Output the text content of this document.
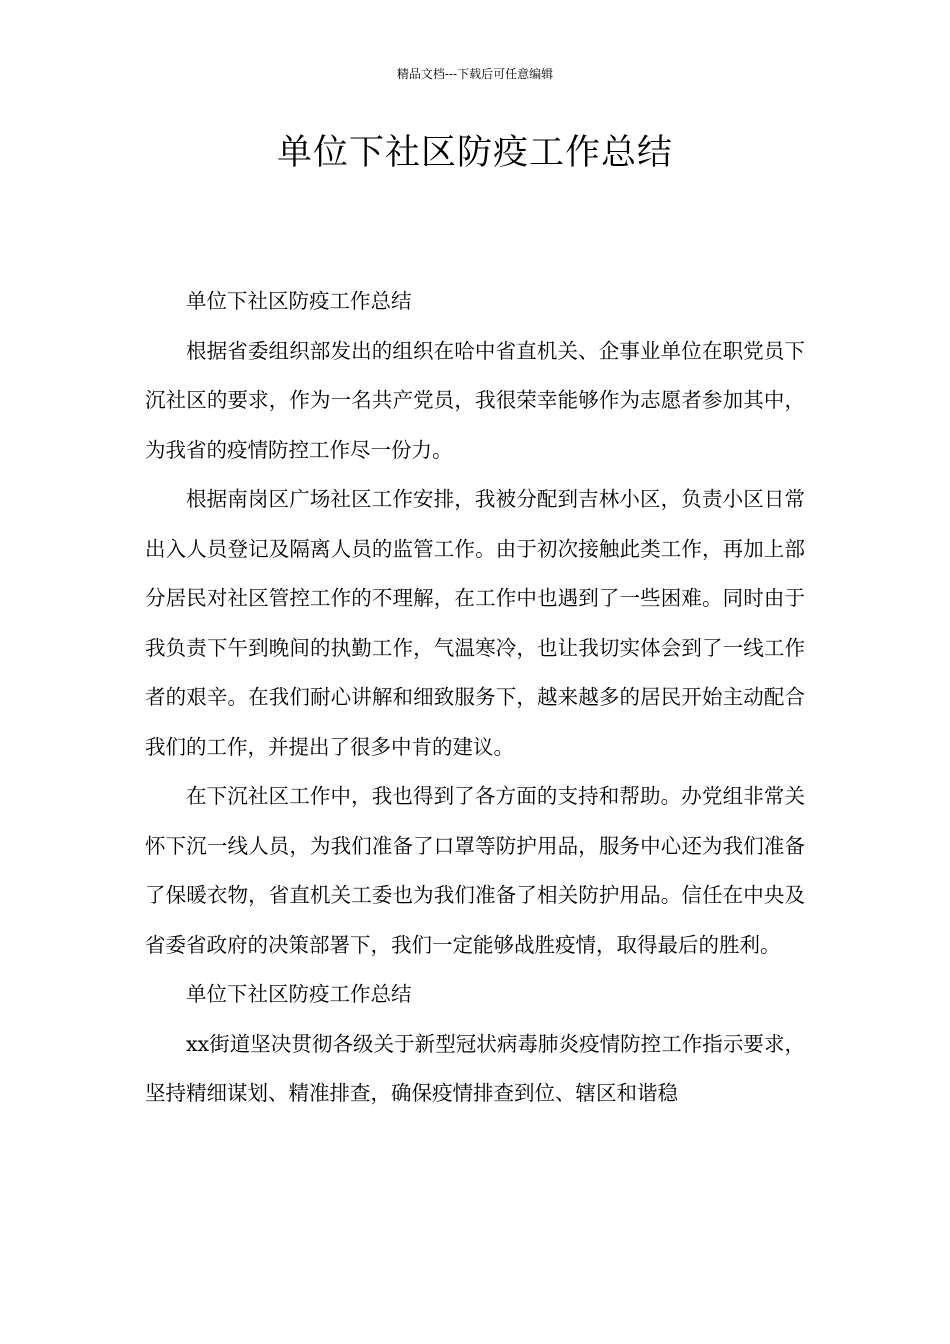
精品文档---下载后可任意编辑
单位下社区防疫工作总结

单位下社区防疫工作总结

根据省委组织部发出的组织在哈中省直机关、企事业单位在职党员下沉社区的要求，作为一名共产党员，我很荣幸能够作为志愿者参加其中，为我省的疫情防控工作尽一份力。

根据南岗区广场社区工作安排，我被分配到吉林小区，负责小区日常出入人员登记及隔离人员的监管工作。由于初次接触此类工作，再加上部分居民对社区管控工作的不理解，在工作中也遇到了一些困难。同时由于我负责下午到晚间的执勤工作，气温寒冷，也让我切实体会到了一线工作者的艰辛。在我们耐心讲解和细致服务下，越来越多的居民开始主动配合我们的工作，并提出了很多中肯的建议。

在下沉社区工作中，我也得到了各方面的支持和帮助。办党组非常关怀下沉一线人员，为我们准备了口罩等防护用品，服务中心还为我们准备了保暖衣物，省直机关工委也为我们准备了相关防护用品。信任在中央及省委省政府的决策部署下，我们一定能够战胜疫情，取得最后的胜利。

单位下社区防疫工作总结

xx街道坚决贯彻各级关于新型冠状病毒肺炎疫情防控工作指示要求，坚持精细谋划、精准排查，确保疫情排查到位、辖区和谐稳
